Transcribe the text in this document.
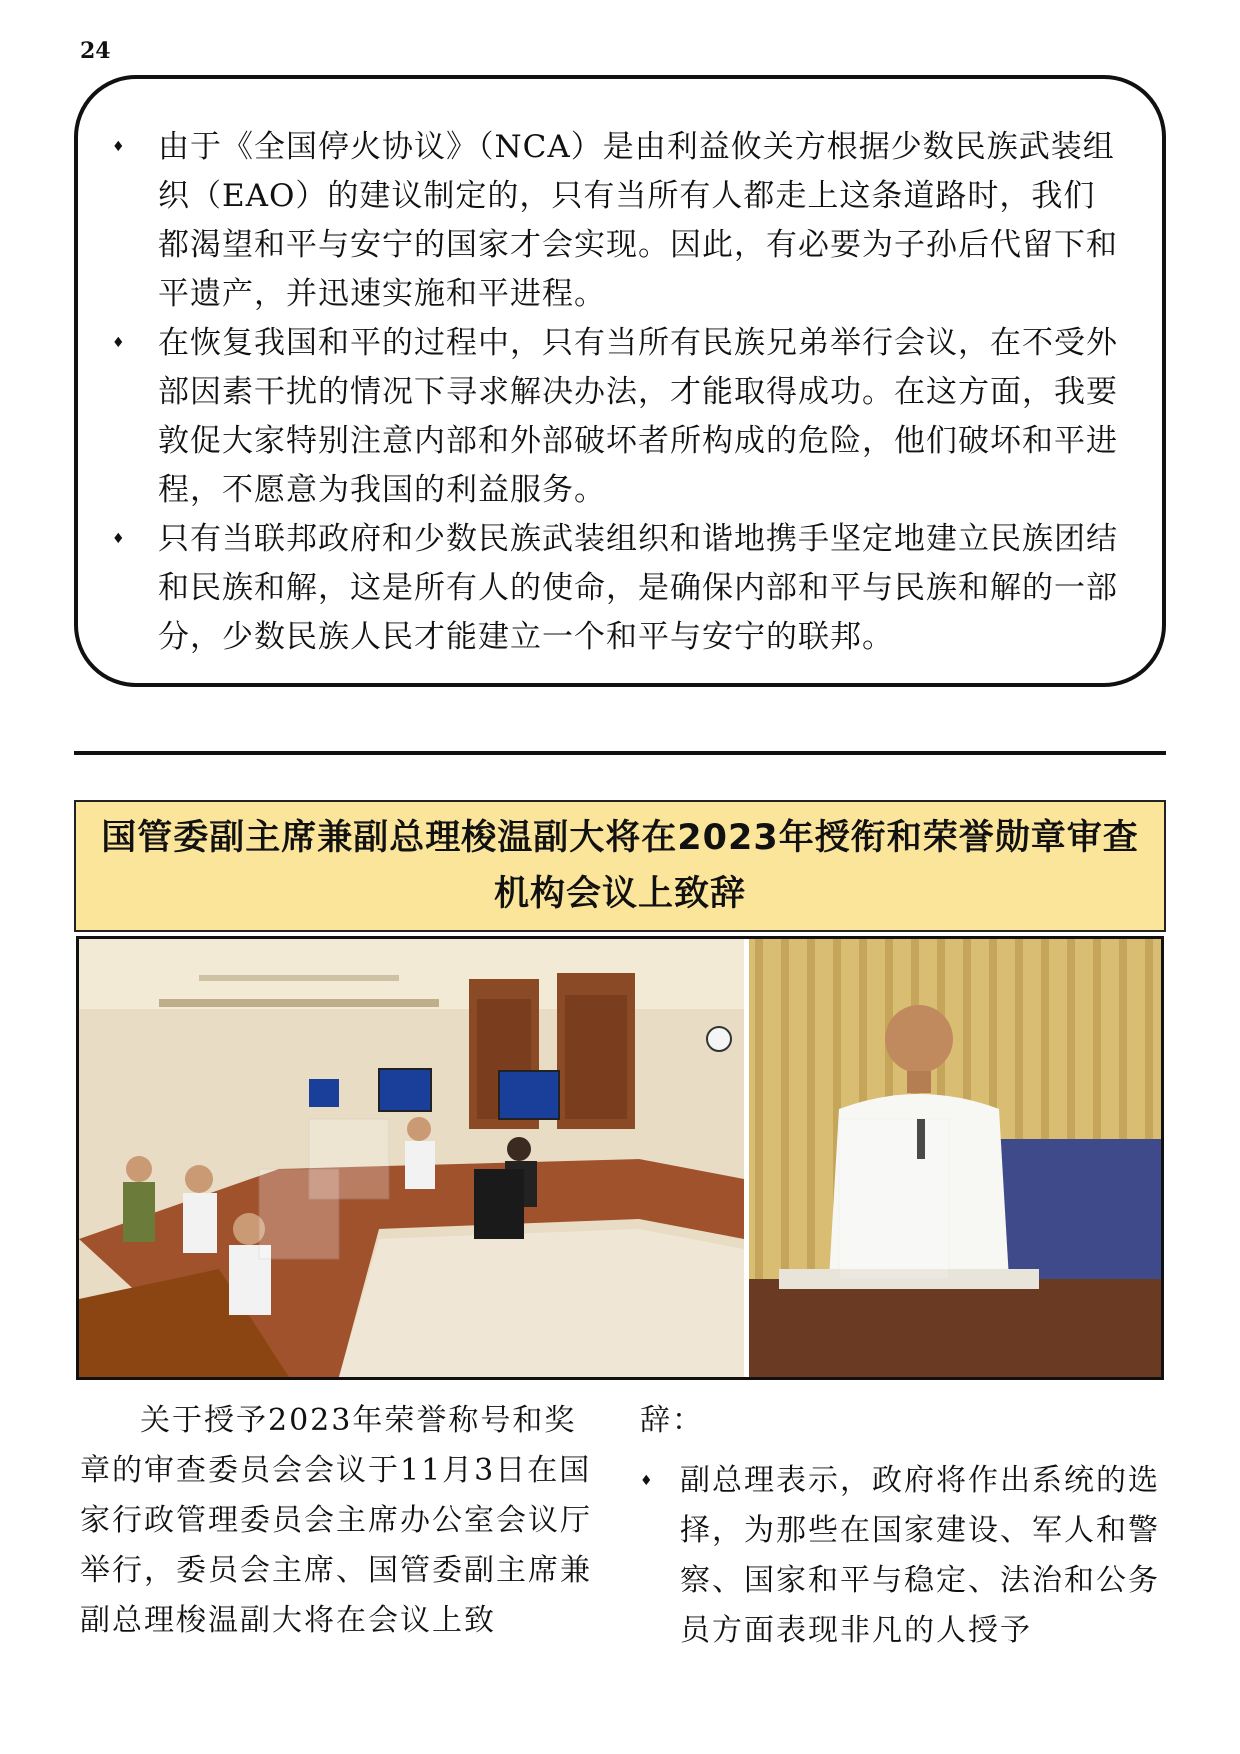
24
♦ 由于《全国停火协议》（NCA）是由利益攸关方根据少数民族武装组织（EAO）的建议制定的，只有当所有人都走上这条道路时，我们都渴望和平与安宁的国家才会实现。因此，有必要为子孙后代留下和平遗产，并迅速实施和平进程。
♦ 在恢复我国和平的过程中，只有当所有民族兄弟举行会议，在不受外部因素干扰的情况下寻求解决办法，才能取得成功。在这方面，我要敦促大家特别注意内部和外部破坏者所构成的危险，他们破坏和平进程，不愿意为我国的利益服务。
♦ 只有当联邦政府和少数民族武装组织和谐地携手坚定地建立民族团结和民族和解，这是所有人的使命，是确保内部和平与民族和解的一部分，少数民族人民才能建立一个和平与安宁的联邦。
国管委副主席兼副总理梭温副大将在2023年授衔和荣誉勋章审查
机构会议上致辞

关于授予2023年荣誉称号和奖章的审查委员会会议于11月3日在国家行政管理委员会主席办公室会议厅举行，委员会主席、国管委副主席兼副总理梭温副大将在会议上致

辞：

♦ 副总理表示，政府将作出系统的选择，为那些在国家建设、军人和警察、国家和平与稳定、法治和公务员方面表现非凡的人授予
